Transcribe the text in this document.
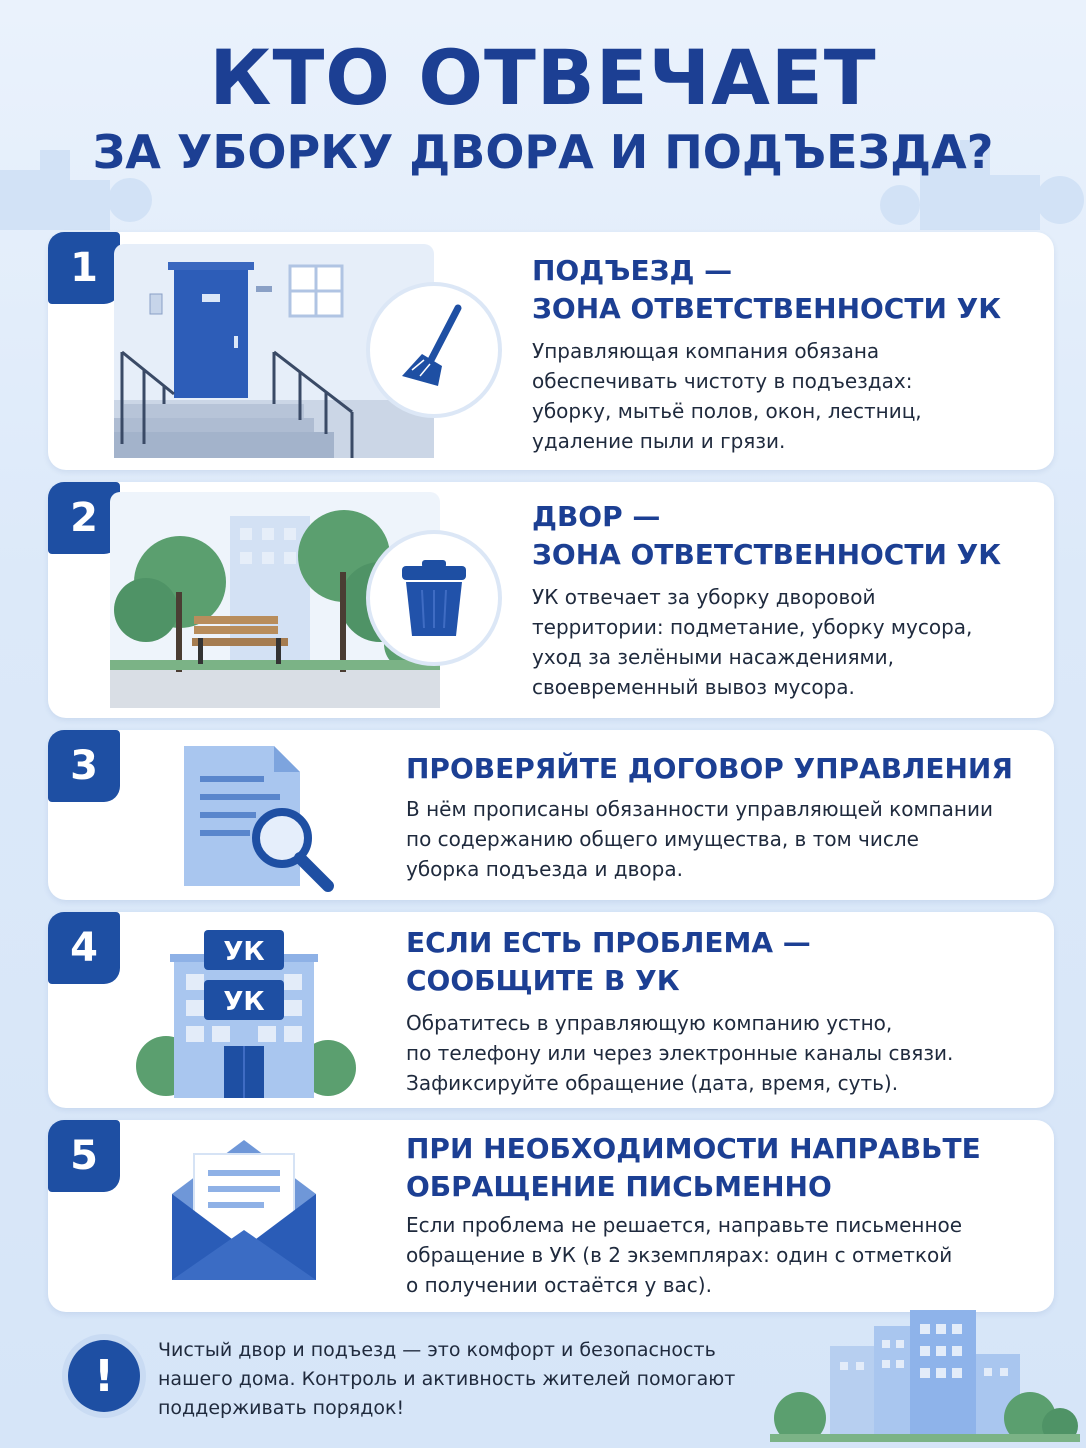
КТО ОТВЕЧАЕТ
ЗА УБОРКУ ДВОРА И ПОДЪЕЗДА?
1	ПОДЪЕЗД —
ЗОНА ОТВЕТСТВЕННОСТИ УК
Управляющая компания обязана
обеспечивать чистоту в подъездах:
уборку, мытьё полов, окон, лестниц,
удаление пыли и грязи.
2	ДВОР —
ЗОНА ОТВЕТСТВЕННОСТИ УК
УК отвечает за уборку дворовой
территории: подметание, уборку мусора,
уход за зелёными насаждениями,
своевременный вывоз мусора.
3	ПРОВЕРЯЙТЕ ДОГОВОР УПРАВЛЕНИЯ
В нём прописаны обязанности управляющей компании
по содержанию общего имущества, в том числе
уборка подъезда и двора.
4	УК
УК
ЕСЛИ ЕСТЬ ПРОБЛЕМА —
СООБЩИТЕ В УК
Обратитесь в управляющую компанию устно,
по телефону или через электронные каналы связи.
Зафиксируйте обращение (дата, время, суть).
5	ПРИ НЕОБХОДИМОСТИ НАПРАВЬТЕ
ОБРАЩЕНИЕ ПИСЬМЕННО
Если проблема не решается, направьте письменное
обращение в УК (в 2 экземплярах: один с отметкой
о получении остаётся у вас).
!
Чистый двор и подъезд — это комфорт и безопасность
нашего дома. Контроль и активность жителей помогают
поддерживать порядок!
